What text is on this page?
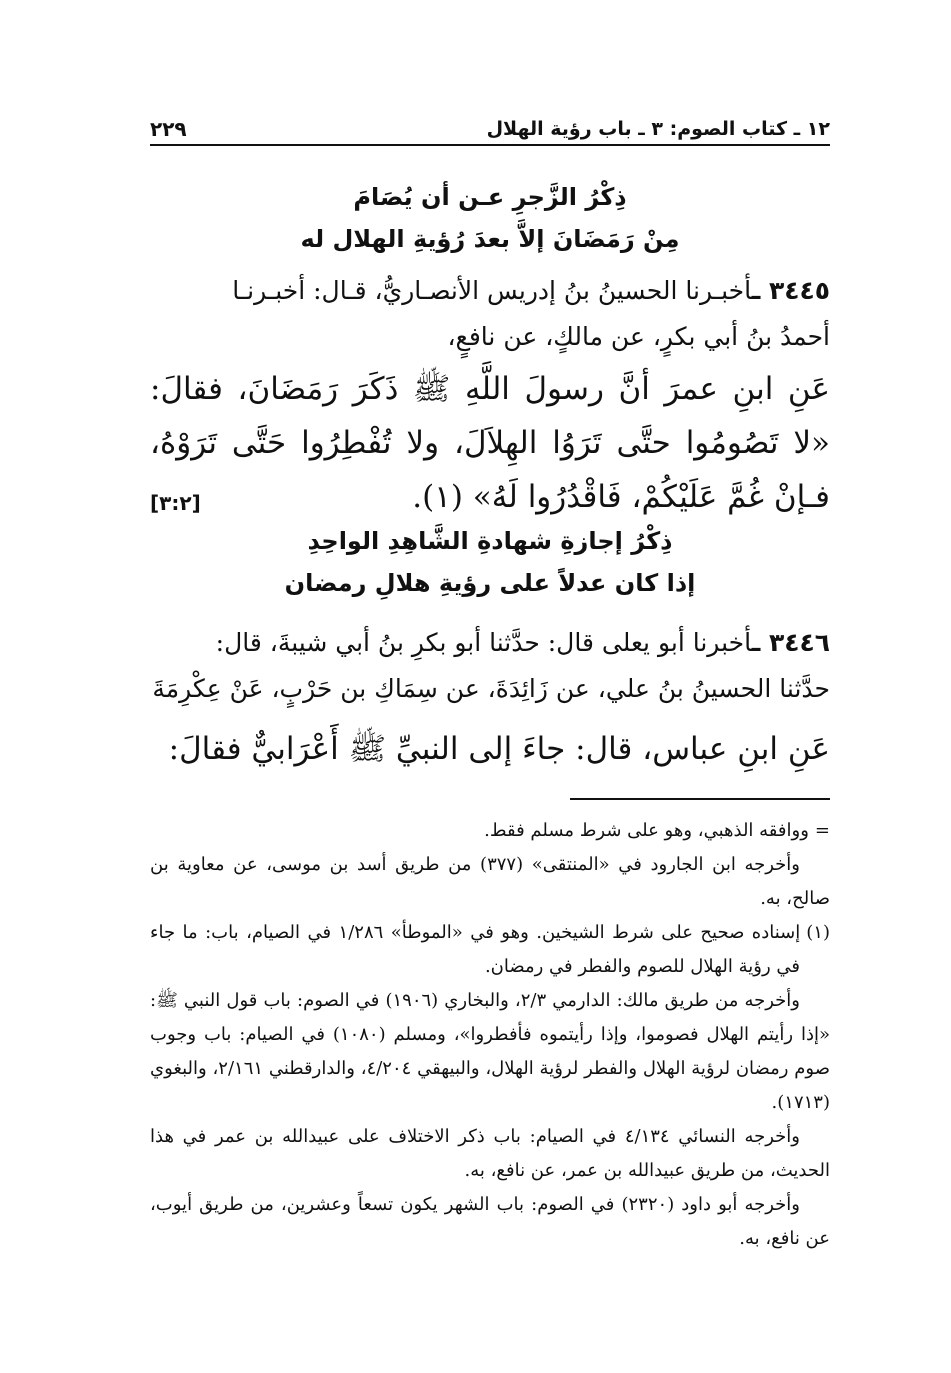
١٢ ـ كتاب الصوم: ٣ ـ باب رؤية الهلال
٢٢٩
ذِكْرُ الزَّجرِ عـن أن يُصَامَ
مِنْ رَمَضَانَ إلاَّ بعدَ رُؤيةِ الهلال له

٣٤٤٥ ـأخبـرنا الحسينُ بنُ إدريس الأنصـاريُّ، قـال: أخبـرنـا

أحمدُ بنُ أبي بكرٍ، عن مالكٍ، عن نافعٍ،

عَنِ ابنِ عمرَ أنَّ رسولَ اللَّهِ ﷺ ذَكَرَ رَمَضَانَ، فقالَ: «لا تَصُومُوا حتَّى تَرَوُا الهِلاَلَ، ولا تُفْطِرُوا حَتَّى تَرَوْهُ، فـإنْ غُمَّ عَلَيْكُمْ، فَاقْدُرُوا لَهُ» (١).
[٣:٢]

ذِكْرُ إجازةِ شهادةِ الشَّاهِدِ الواحِدِ
إذا كان عدلاً على رؤيةِ هلالِ رمضان

٣٤٤٦ ـأخبرنا أبو يعلى قال: حدَّثنا أبو بكرِ بنُ أبي شيبةَ، قال:

حدَّثنا الحسينُ بنُ علي، عن زَائِدَةَ، عن سِمَاكِ بن حَرْبٍ، عَنْ عِكْرِمَةَ

عَنِ ابنِ عباس، قال: جاءَ إلى النبيِّ ﷺ أَعْرَابيٌّ فقالَ:

=ووافقه الذهبي، وهو على شرط مسلم فقط.

وأخرجه ابن الجارود في «المنتقى» (٣٧٧) من طريق أسد بن موسى، عن معاوية بن صالح، به.

(١)إسناده صحيح على شرط الشيخين. وهو في «الموطأ» ١/٢٨٦ في الصيام، باب: ما جاء في رؤية الهلال للصوم والفطر في رمضان.

وأخرجه من طريق مالك: الدارمي ٢/٣، والبخاري (١٩٠٦) في الصوم: باب قول النبي ﷺ: «إذا رأيتم الهلال فصوموا، وإذا رأيتموه فأفطروا»، ومسلم (١٠٨٠) في الصيام: باب وجوب صوم رمضان لرؤية الهلال والفطر لرؤية الهلال، والبيهقي ٤/٢٠٤، والدارقطني ٢/١٦١، والبغوي (١٧١٣).

وأخرجه النسائي ٤/١٣٤ في الصيام: باب ذكر الاختلاف على عبيدالله بن عمر في هذا الحديث، من طريق عبيدالله بن عمر، عن نافع، به.

وأخرجه أبو داود (٢٣٢٠) في الصوم: باب الشهر يكون تسعاً وعشرين، من طريق أيوب، عن نافع، به.
